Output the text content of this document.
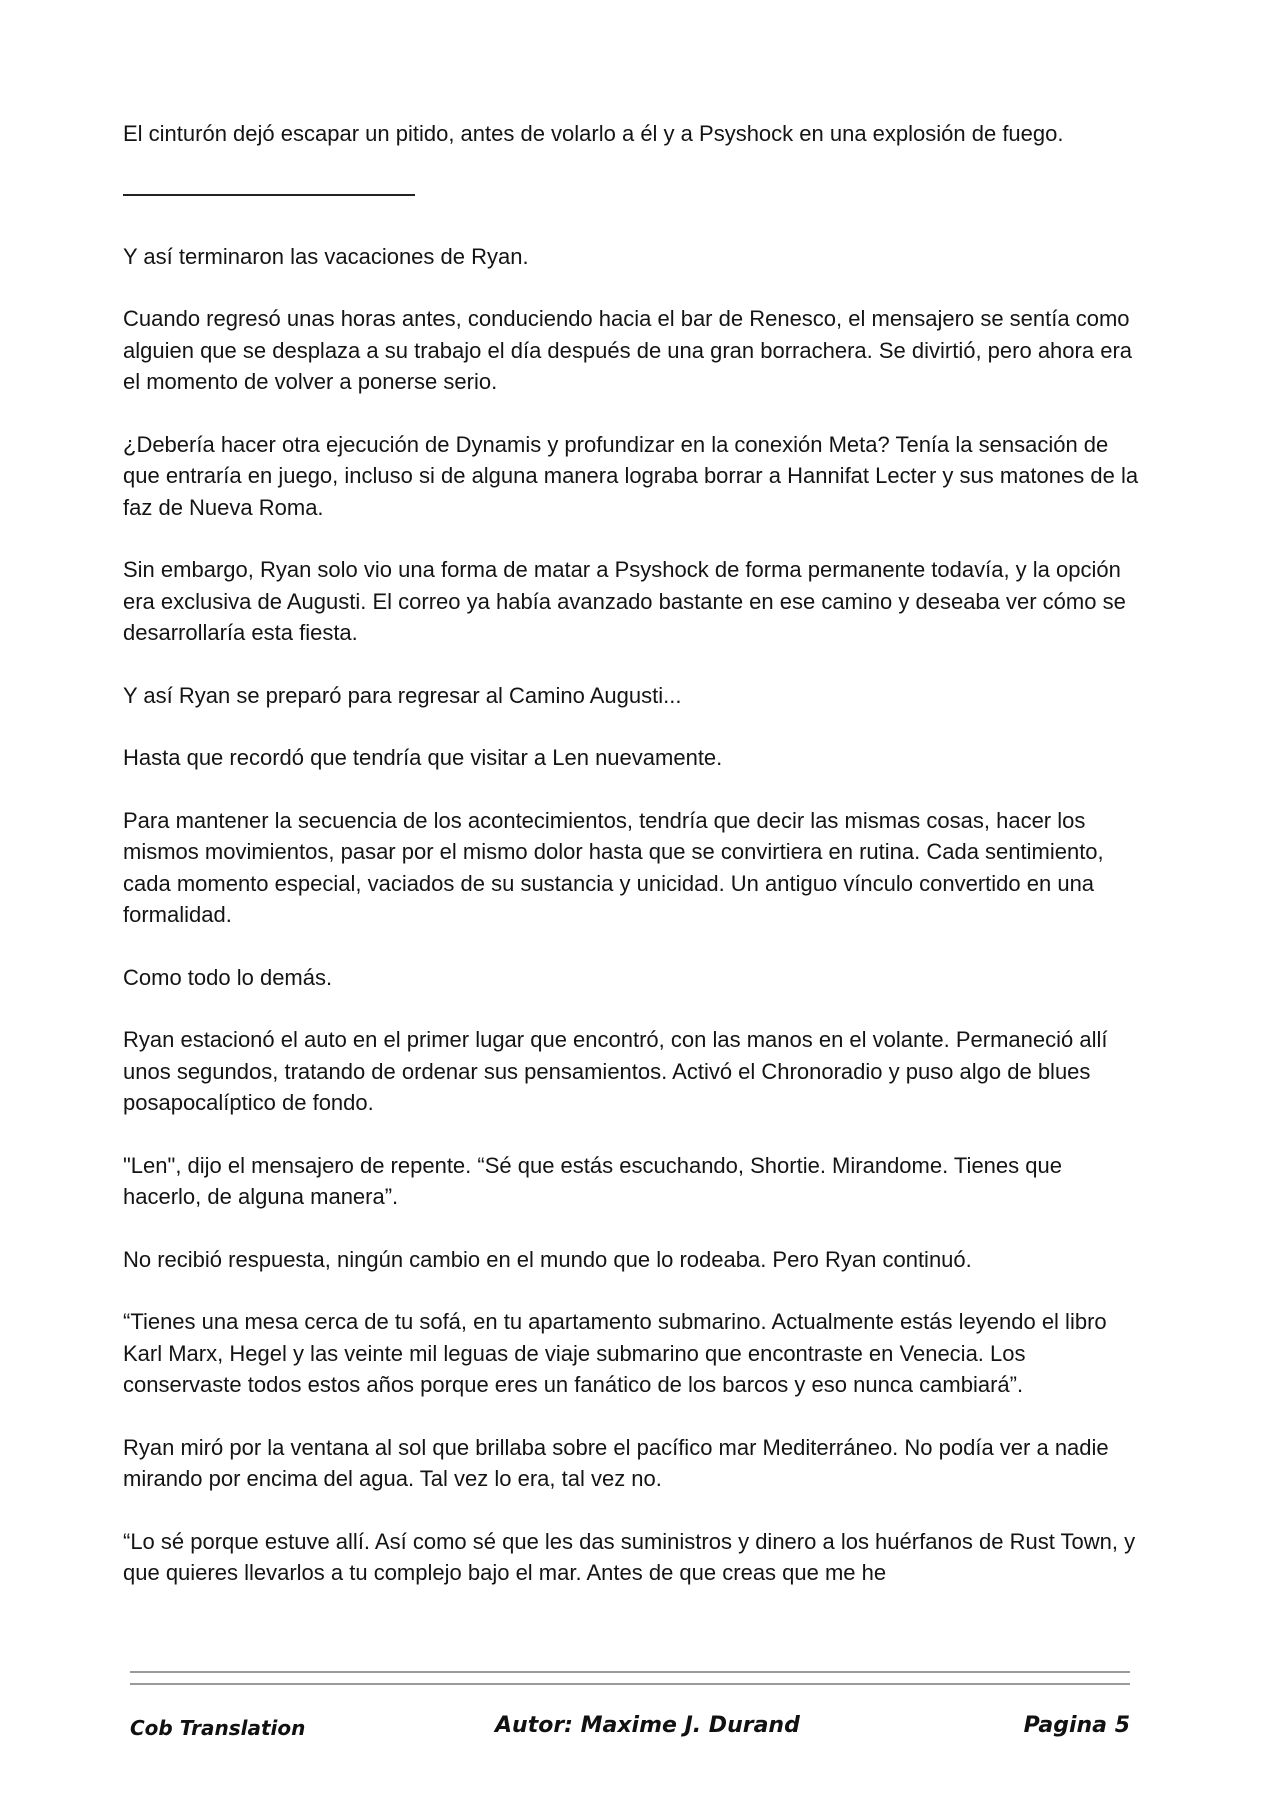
El cinturón dejó escapar un pitido, antes de volarlo a él y a Psyshock en una explosión de fuego.

Y así terminaron las vacaciones de Ryan.

Cuando regresó unas horas antes, conduciendo hacia el bar de Renesco, el mensajero se sentía como alguien que se desplaza a su trabajo el día después de una gran borrachera. Se divirtió, pero ahora era el momento de volver a ponerse serio.

¿Debería hacer otra ejecución de Dynamis y profundizar en la conexión Meta? Tenía la sensación de que entraría en juego, incluso si de alguna manera lograba borrar a Hannifat Lecter y sus matones de la faz de Nueva Roma.

Sin embargo, Ryan solo vio una forma de matar a Psyshock de forma permanente todavía, y la opción era exclusiva de Augusti. El correo ya había avanzado bastante en ese camino y deseaba ver cómo se desarrollaría esta fiesta.

Y así Ryan se preparó para regresar al Camino Augusti...

Hasta que recordó que tendría que visitar a Len nuevamente.

Para mantener la secuencia de los acontecimientos, tendría que decir las mismas cosas, hacer los mismos movimientos, pasar por el mismo dolor hasta que se convirtiera en rutina. Cada sentimiento, cada momento especial, vaciados de su sustancia y unicidad. Un antiguo vínculo convertido en una formalidad.

Como todo lo demás.

Ryan estacionó el auto en el primer lugar que encontró, con las manos en el volante. Permaneció allí unos segundos, tratando de ordenar sus pensamientos. Activó el Chronoradio y puso algo de blues posapocalíptico de fondo.

"Len", dijo el mensajero de repente. “Sé que estás escuchando, Shortie. Mirandome. Tienes que hacerlo, de alguna manera”.

No recibió respuesta, ningún cambio en el mundo que lo rodeaba. Pero Ryan continuó.

“Tienes una mesa cerca de tu sofá, en tu apartamento submarino. Actualmente estás leyendo el libro Karl Marx, Hegel y las veinte mil leguas de viaje submarino que encontraste en Venecia. Los conservaste todos estos años porque eres un fanático de los barcos y eso nunca cambiará”.

Ryan miró por la ventana al sol que brillaba sobre el pacífico mar Mediterráneo. No podía ver a nadie mirando por encima del agua. Tal vez lo era, tal vez no.

“Lo sé porque estuve allí. Así como sé que les das suministros y dinero a los huérfanos de Rust Town, y que quieres llevarlos a tu complejo bajo el mar. Antes de que creas que me he

Cob Translation	Autor: Maxime J. Durand	Pagina 5
